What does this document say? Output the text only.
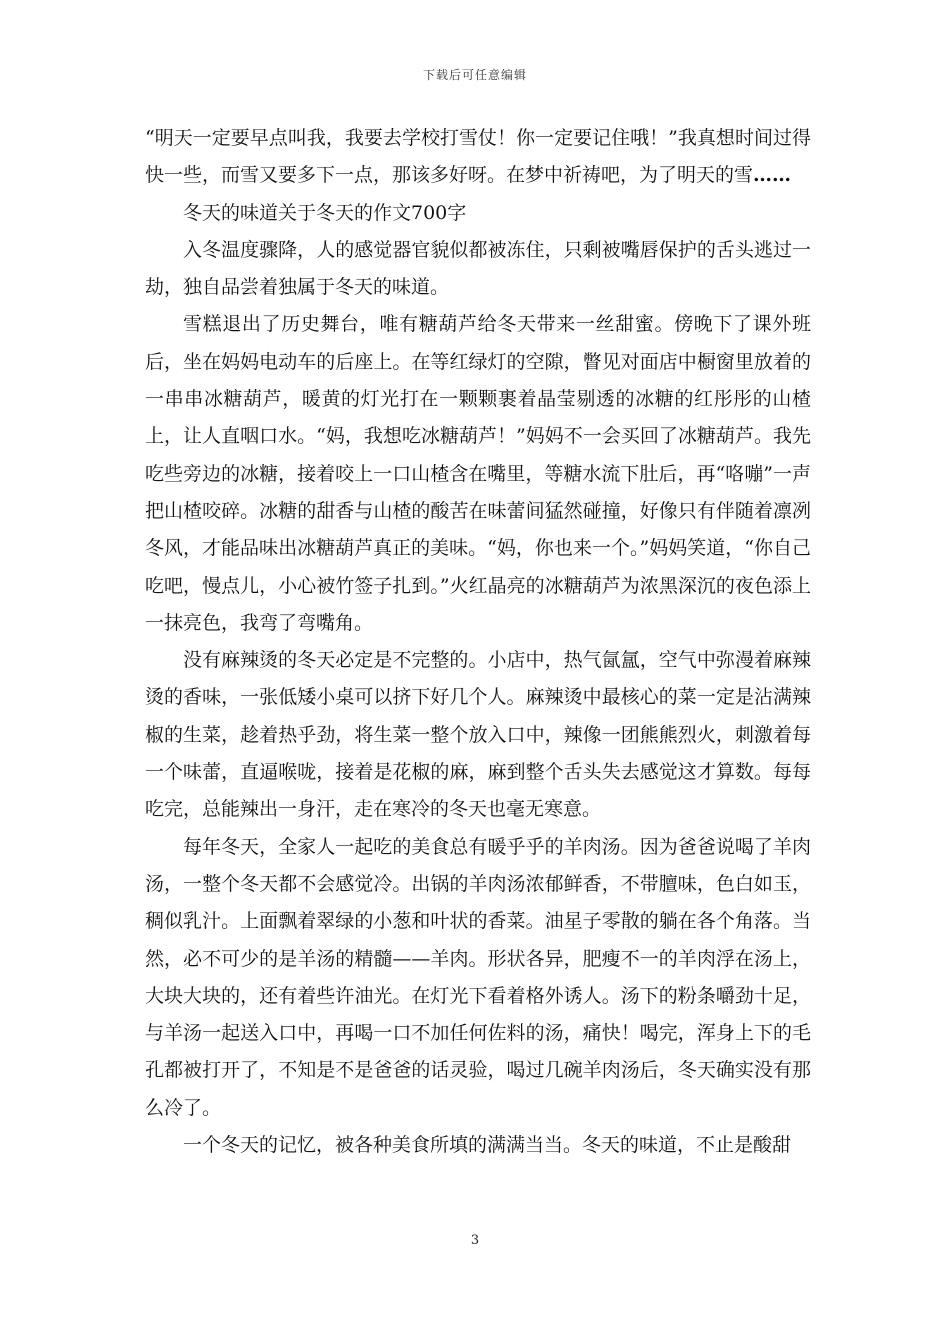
下载后可任意编辑

“明天一定要早点叫我，我要去学校打雪仗！你一定要记住哦！”我真想时间过得快一些，而雪又要多下一点，那该多好呀。在梦中祈祷吧，为了明天的雪……

冬天的味道关于冬天的作文700字

入冬温度骤降，人的感觉器官貌似都被冻住，只剩被嘴唇保护的舌头逃过一劫，独自品尝着独属于冬天的味道。

雪糕退出了历史舞台，唯有糖葫芦给冬天带来一丝甜蜜。傍晚下了课外班后，坐在妈妈电动车的后座上。在等红绿灯的空隙，瞥见对面店中橱窗里放着的一串串冰糖葫芦，暖黄的灯光打在一颗颗裹着晶莹剔透的冰糖的红彤彤的山楂上，让人直咽口水。“妈，我想吃冰糖葫芦！”妈妈不一会买回了冰糖葫芦。我先吃些旁边的冰糖，接着咬上一口山楂含在嘴里，等糖水流下肚后，再“咯嘣”一声把山楂咬碎。冰糖的甜香与山楂的酸苦在味蕾间猛然碰撞，好像只有伴随着凛冽冬风，才能品味出冰糖葫芦真正的美味。“妈，你也来一个。”妈妈笑道，“你自己吃吧，慢点儿，小心被竹签子扎到。”火红晶亮的冰糖葫芦为浓黑深沉的夜色添上一抹亮色，我弯了弯嘴角。

没有麻辣烫的冬天必定是不完整的。小店中，热气氤氲，空气中弥漫着麻辣烫的香味，一张低矮小桌可以挤下好几个人。麻辣烫中最核心的菜一定是沾满辣椒的生菜，趁着热乎劲，将生菜一整个放入口中，辣像一团熊熊烈火，刺激着每一个味蕾，直逼喉咙，接着是花椒的麻，麻到整个舌头失去感觉这才算数。每每吃完，总能辣出一身汗，走在寒冷的冬天也毫无寒意。

每年冬天，全家人一起吃的美食总有暖乎乎的羊肉汤。因为爸爸说喝了羊肉汤，一整个冬天都不会感觉冷。出锅的羊肉汤浓郁鲜香，不带膻味，色白如玉，稠似乳汁。上面飘着翠绿的小葱和叶状的香菜。油星子零散的躺在各个角落。当然，必不可少的是羊汤的精髓——羊肉。形状各异，肥瘦不一的羊肉浮在汤上，大块大块的，还有着些许油光。在灯光下看着格外诱人。汤下的粉条嚼劲十足，与羊汤一起送入口中，再喝一口不加任何佐料的汤，痛快！喝完，浑身上下的毛孔都被打开了，不知是不是爸爸的话灵验，喝过几碗羊肉汤后，冬天确实没有那么冷了。

一个冬天的记忆，被各种美食所填的满满当当。冬天的味道，不止是酸甜

3
